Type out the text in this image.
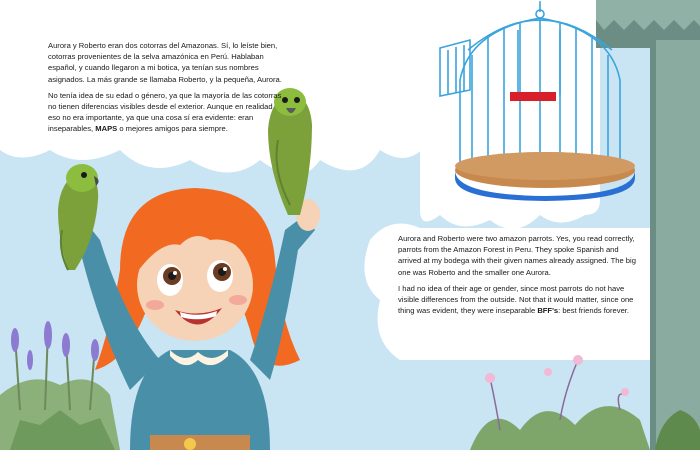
Aurora y Roberto eran dos cotorras del Amazonas. Sí, lo leíste bien, cotorras provenientes de la selva amazónica en Perú. Hablaban español, y cuando llegaron a mi botica, ya tenían sus nombres asignados. La más grande se llamaba Roberto, y la pequeña, Aurora.

No tenía idea de su edad o género, ya que la mayoría de las cotorras no tienen diferencias visibles desde el exterior. Aunque en realidad eso no era importante, ya que una cosa sí era evidente: eran inseparables, MAPS o mejores amigos para siempre.

Aurora and Roberto were two amazon parrots. Yes, you read correctly, parrots from the Amazon Forest in Peru. They spoke Spanish and arrived at my bodega with their given names already assigned. The big one was Roberto and the smaller one Aurora.

I had no idea of their age or gender, since most parrots do not have visible differences from the outside. Not that it would matter, since one thing was evident, they were inseparable BFF's: best friends forever.
